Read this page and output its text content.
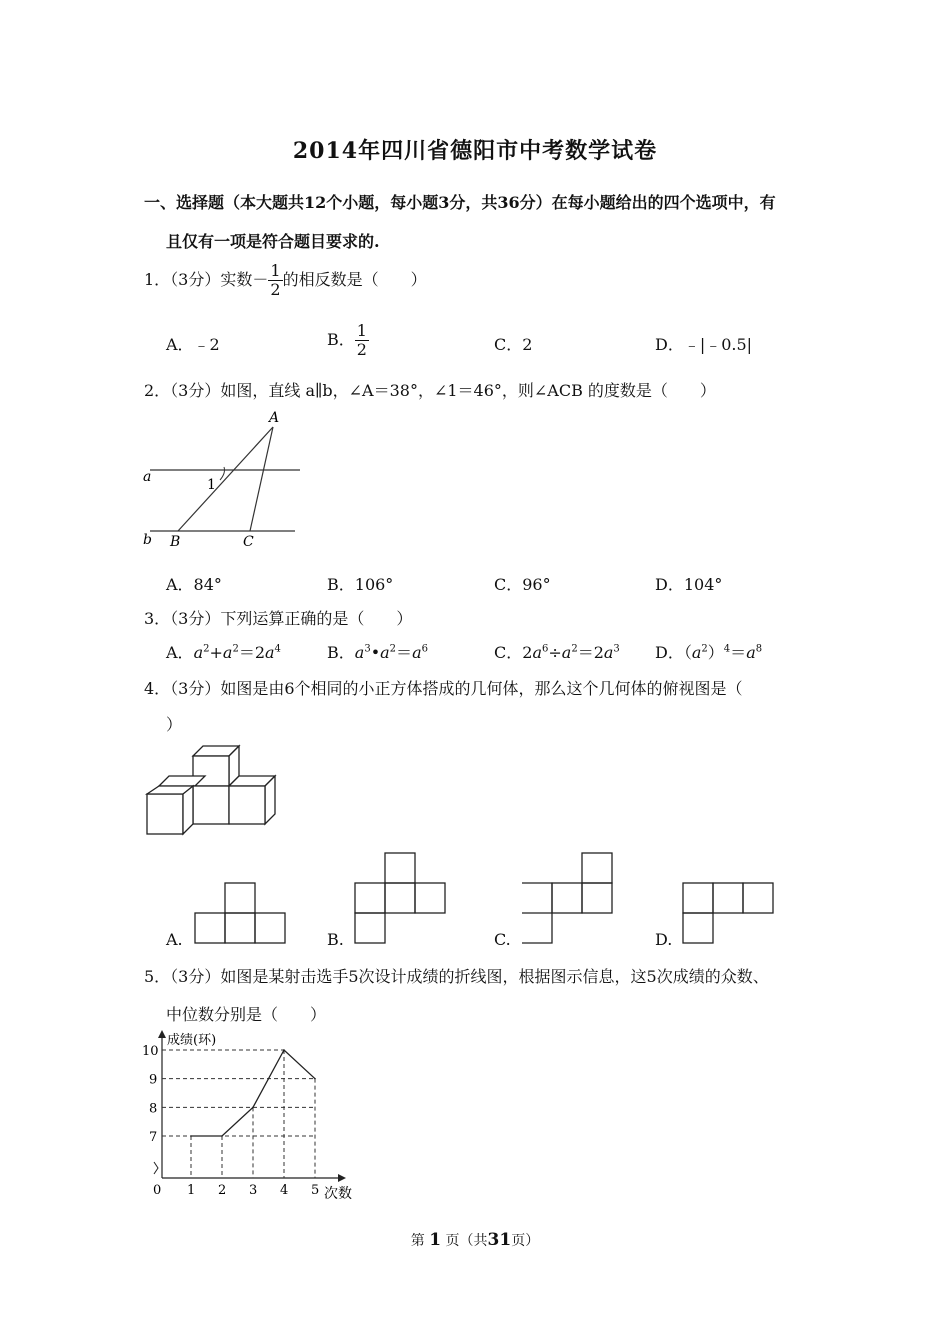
2014年四川省德阳市中考数学试卷
一、选择题（本大题共12个小题，每小题3分，共36分）在每小题给出的四个选项中，有
且仅有一项是符合题目要求的.
1．（3分）实数－ $\frac{1}{2}$ 的相反数是（　　）
A．﹣2	B． $\frac{1}{2}$	C．2	D．﹣|﹣0.5|
2．（3分）如图，直线 a∥b，∠A＝38°，∠1＝46°，则∠ACB 的度数是（　　）
A
a
b B	C
1
A．84°	B．106°	C．96°	D．104°
3．（3分）下列运算正确的是（　　）
A．$a^2+a^2=2a^4$	B．$a^3•a^2=a^6$	C．$2a^6\div a^2=2a^3$ D．$(a^2)^4=a^8$
4．（3分）如图是由6个相同的小正方体搭成的几何体，那么这个几何体的俯视图是（
）
A.	B.	C.	D.
5．（3分）如图是某射击选手5次设计成绩的折线图，根据图示信息，这5次成绩的众数、
中位数分别是（　　）
成绩(环)
次数
0 1 2 3 4 5
7
8
9
10
第 1 页（共31页）
